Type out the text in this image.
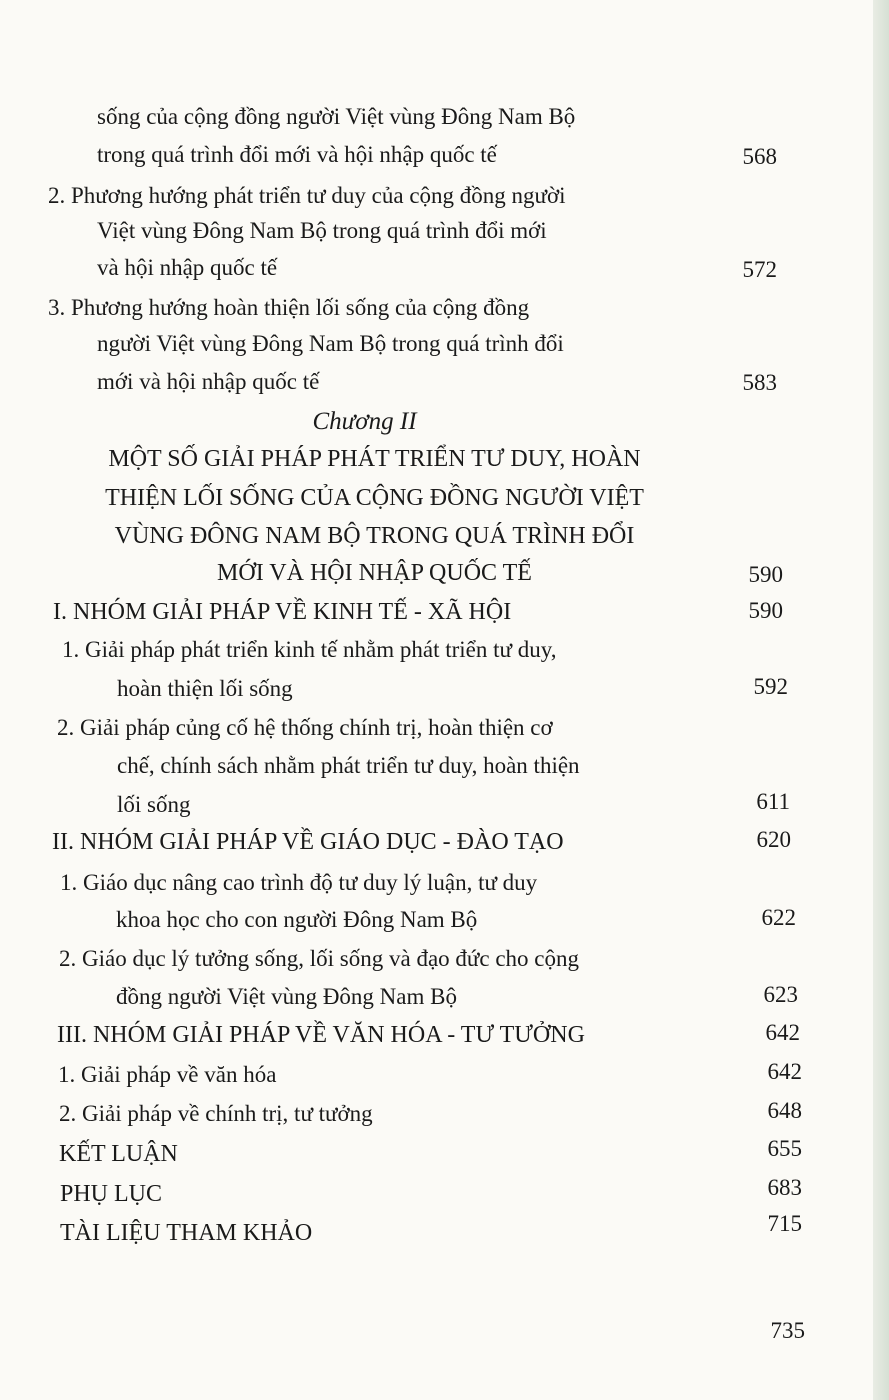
sống của cộng đồng người Việt vùng Đông Nam Bộ
trong quá trình đổi mới và hội nhập quốc tế	568
2. Phương hướng phát triển tư duy của cộng đồng người
Việt vùng Đông Nam Bộ trong quá trình đổi mới
và hội nhập quốc tế	572
3. Phương hướng hoàn thiện lối sống của cộng đồng
người Việt vùng Đông Nam Bộ trong quá trình đổi
mới và hội nhập quốc tế	583
Chương II
MỘT SỐ GIẢI PHÁP PHÁT TRIỂN TƯ DUY, HOÀN
THIỆN LỐI SỐNG CỦA CỘNG ĐỒNG NGƯỜI VIỆT
VÙNG ĐÔNG NAM BỘ TRONG QUÁ TRÌNH ĐỔI
MỚI VÀ HỘI NHẬP QUỐC TẾ	590
I. NHÓM GIẢI PHÁP VỀ KINH TẾ - XÃ HỘI	590
1. Giải pháp phát triển kinh tế nhằm phát triển tư duy,
hoàn thiện lối sống	592
2. Giải pháp củng cố hệ thống chính trị, hoàn thiện cơ
chế, chính sách nhằm phát triển tư duy, hoàn thiện
lối sống	611
II. NHÓM GIẢI PHÁP VỀ GIÁO DỤC - ĐÀO TẠO	620
1. Giáo dục nâng cao trình độ tư duy lý luận, tư duy
khoa học cho con người Đông Nam Bộ	622
2. Giáo dục lý tưởng sống, lối sống và đạo đức cho cộng
đồng người Việt vùng Đông Nam Bộ	623
III. NHÓM GIẢI PHÁP VỀ VĂN HÓA - TƯ TƯỞNG	642
1. Giải pháp về văn hóa	642
2. Giải pháp về chính trị, tư tưởng	648
KẾT LUẬN	655
PHỤ LỤC	683
TÀI LIỆU THAM KHẢO	715
735
